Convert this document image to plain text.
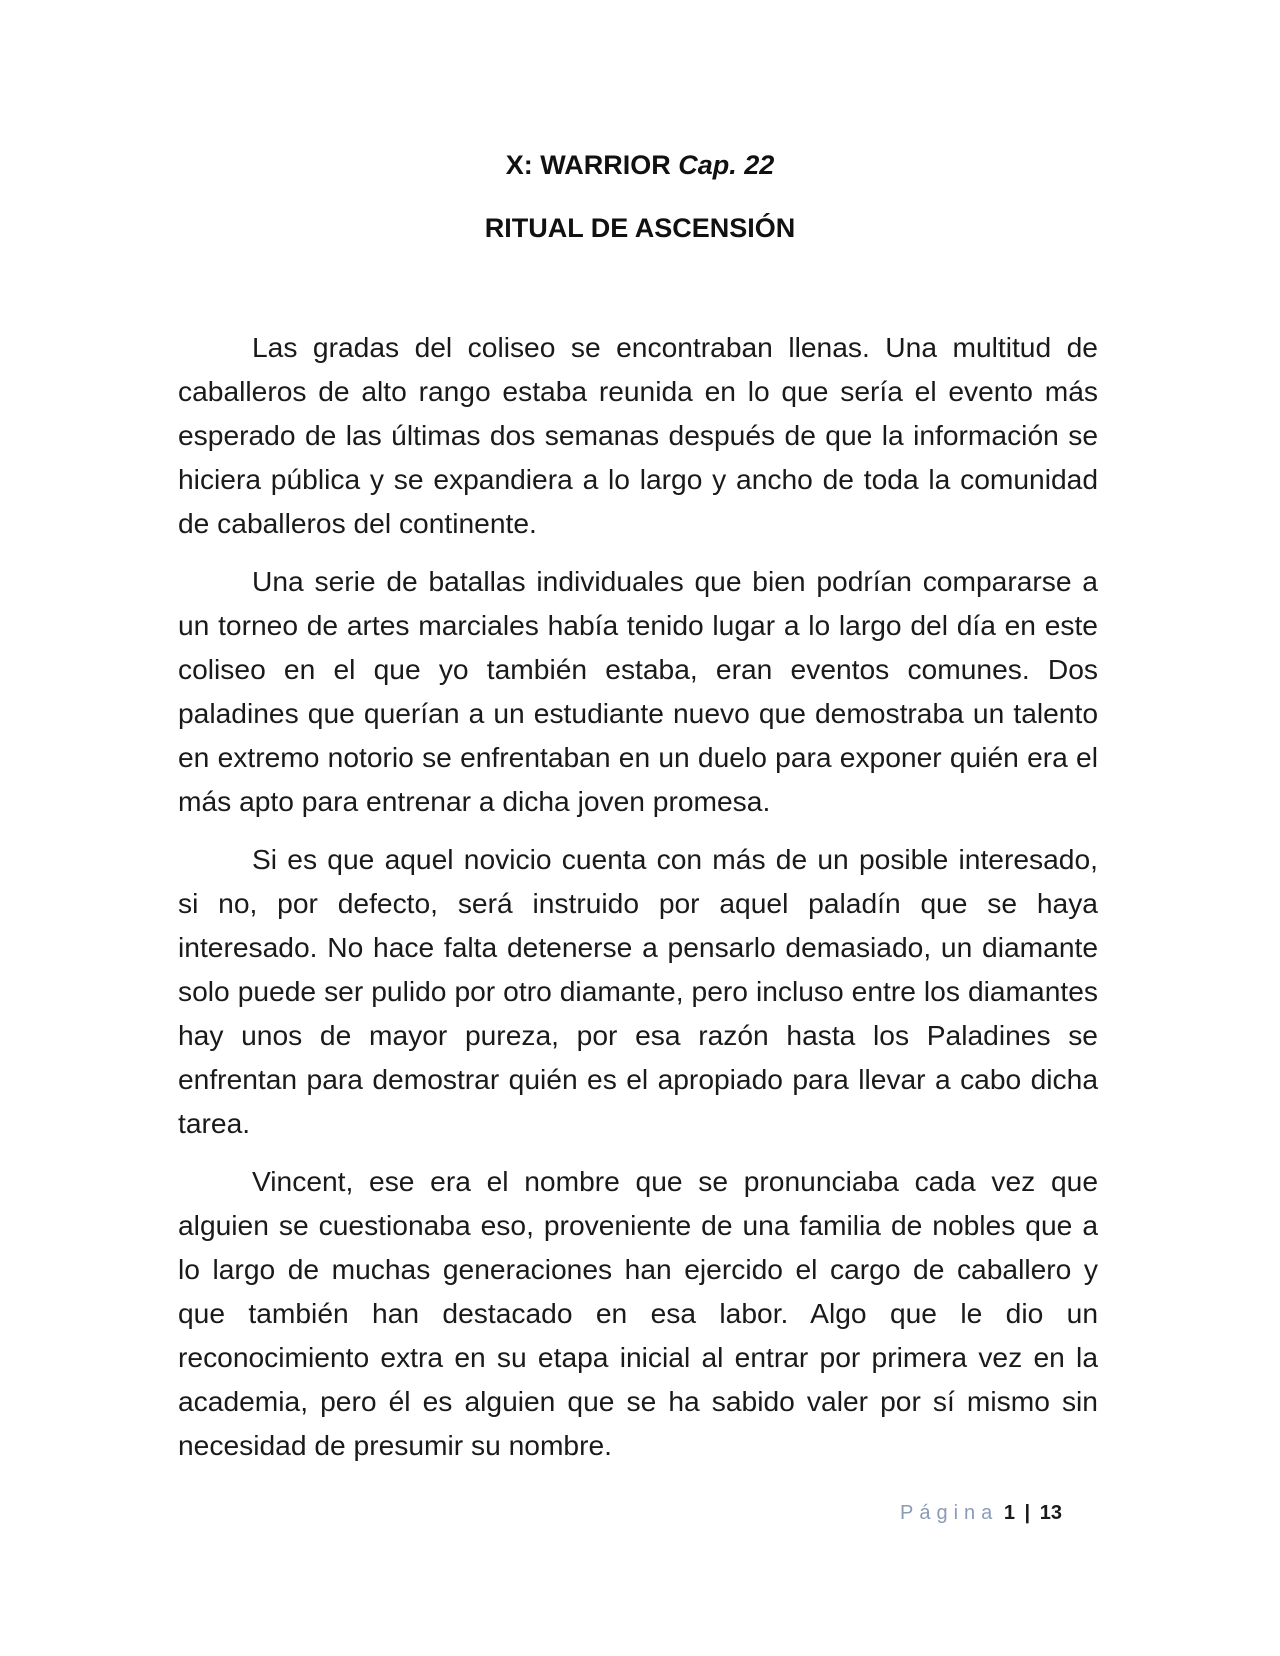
X: WARRIOR Cap. 22
RITUAL DE ASCENSIÓN

Las gradas del coliseo se encontraban llenas. Una multitud de caballeros de alto rango estaba reunida en lo que sería el evento más esperado de las últimas dos semanas después de que la información se hiciera pública y se expandiera a lo largo y ancho de toda la comunidad de caballeros del continente.

Una serie de batallas individuales que bien podrían compararse a un torneo de artes marciales había tenido lugar a lo largo del día en este coliseo en el que yo también estaba, eran eventos comunes. Dos paladines que querían a un estudiante nuevo que demostraba un talento en extremo notorio se enfrentaban en un duelo para exponer quién era el más apto para entrenar a dicha joven promesa.

Si es que aquel novicio cuenta con más de un posible interesado, si no, por defecto, será instruido por aquel paladín que se haya interesado. No hace falta detenerse a pensarlo demasiado, un diamante solo puede ser pulido por otro diamante, pero incluso entre los diamantes hay unos de mayor pureza, por esa razón hasta los Paladines se enfrentan para demostrar quién es el apropiado para llevar a cabo dicha tarea.

Vincent, ese era el nombre que se pronunciaba cada vez que alguien se cuestionaba eso, proveniente de una familia de nobles que a lo largo de muchas generaciones han ejercido el cargo de caballero y que también han destacado en esa labor. Algo que le dio un reconocimiento extra en su etapa inicial al entrar por primera vez en la academia, pero él es alguien que se ha sabido valer por sí mismo sin necesidad de presumir su nombre.

Página 1 | 13
